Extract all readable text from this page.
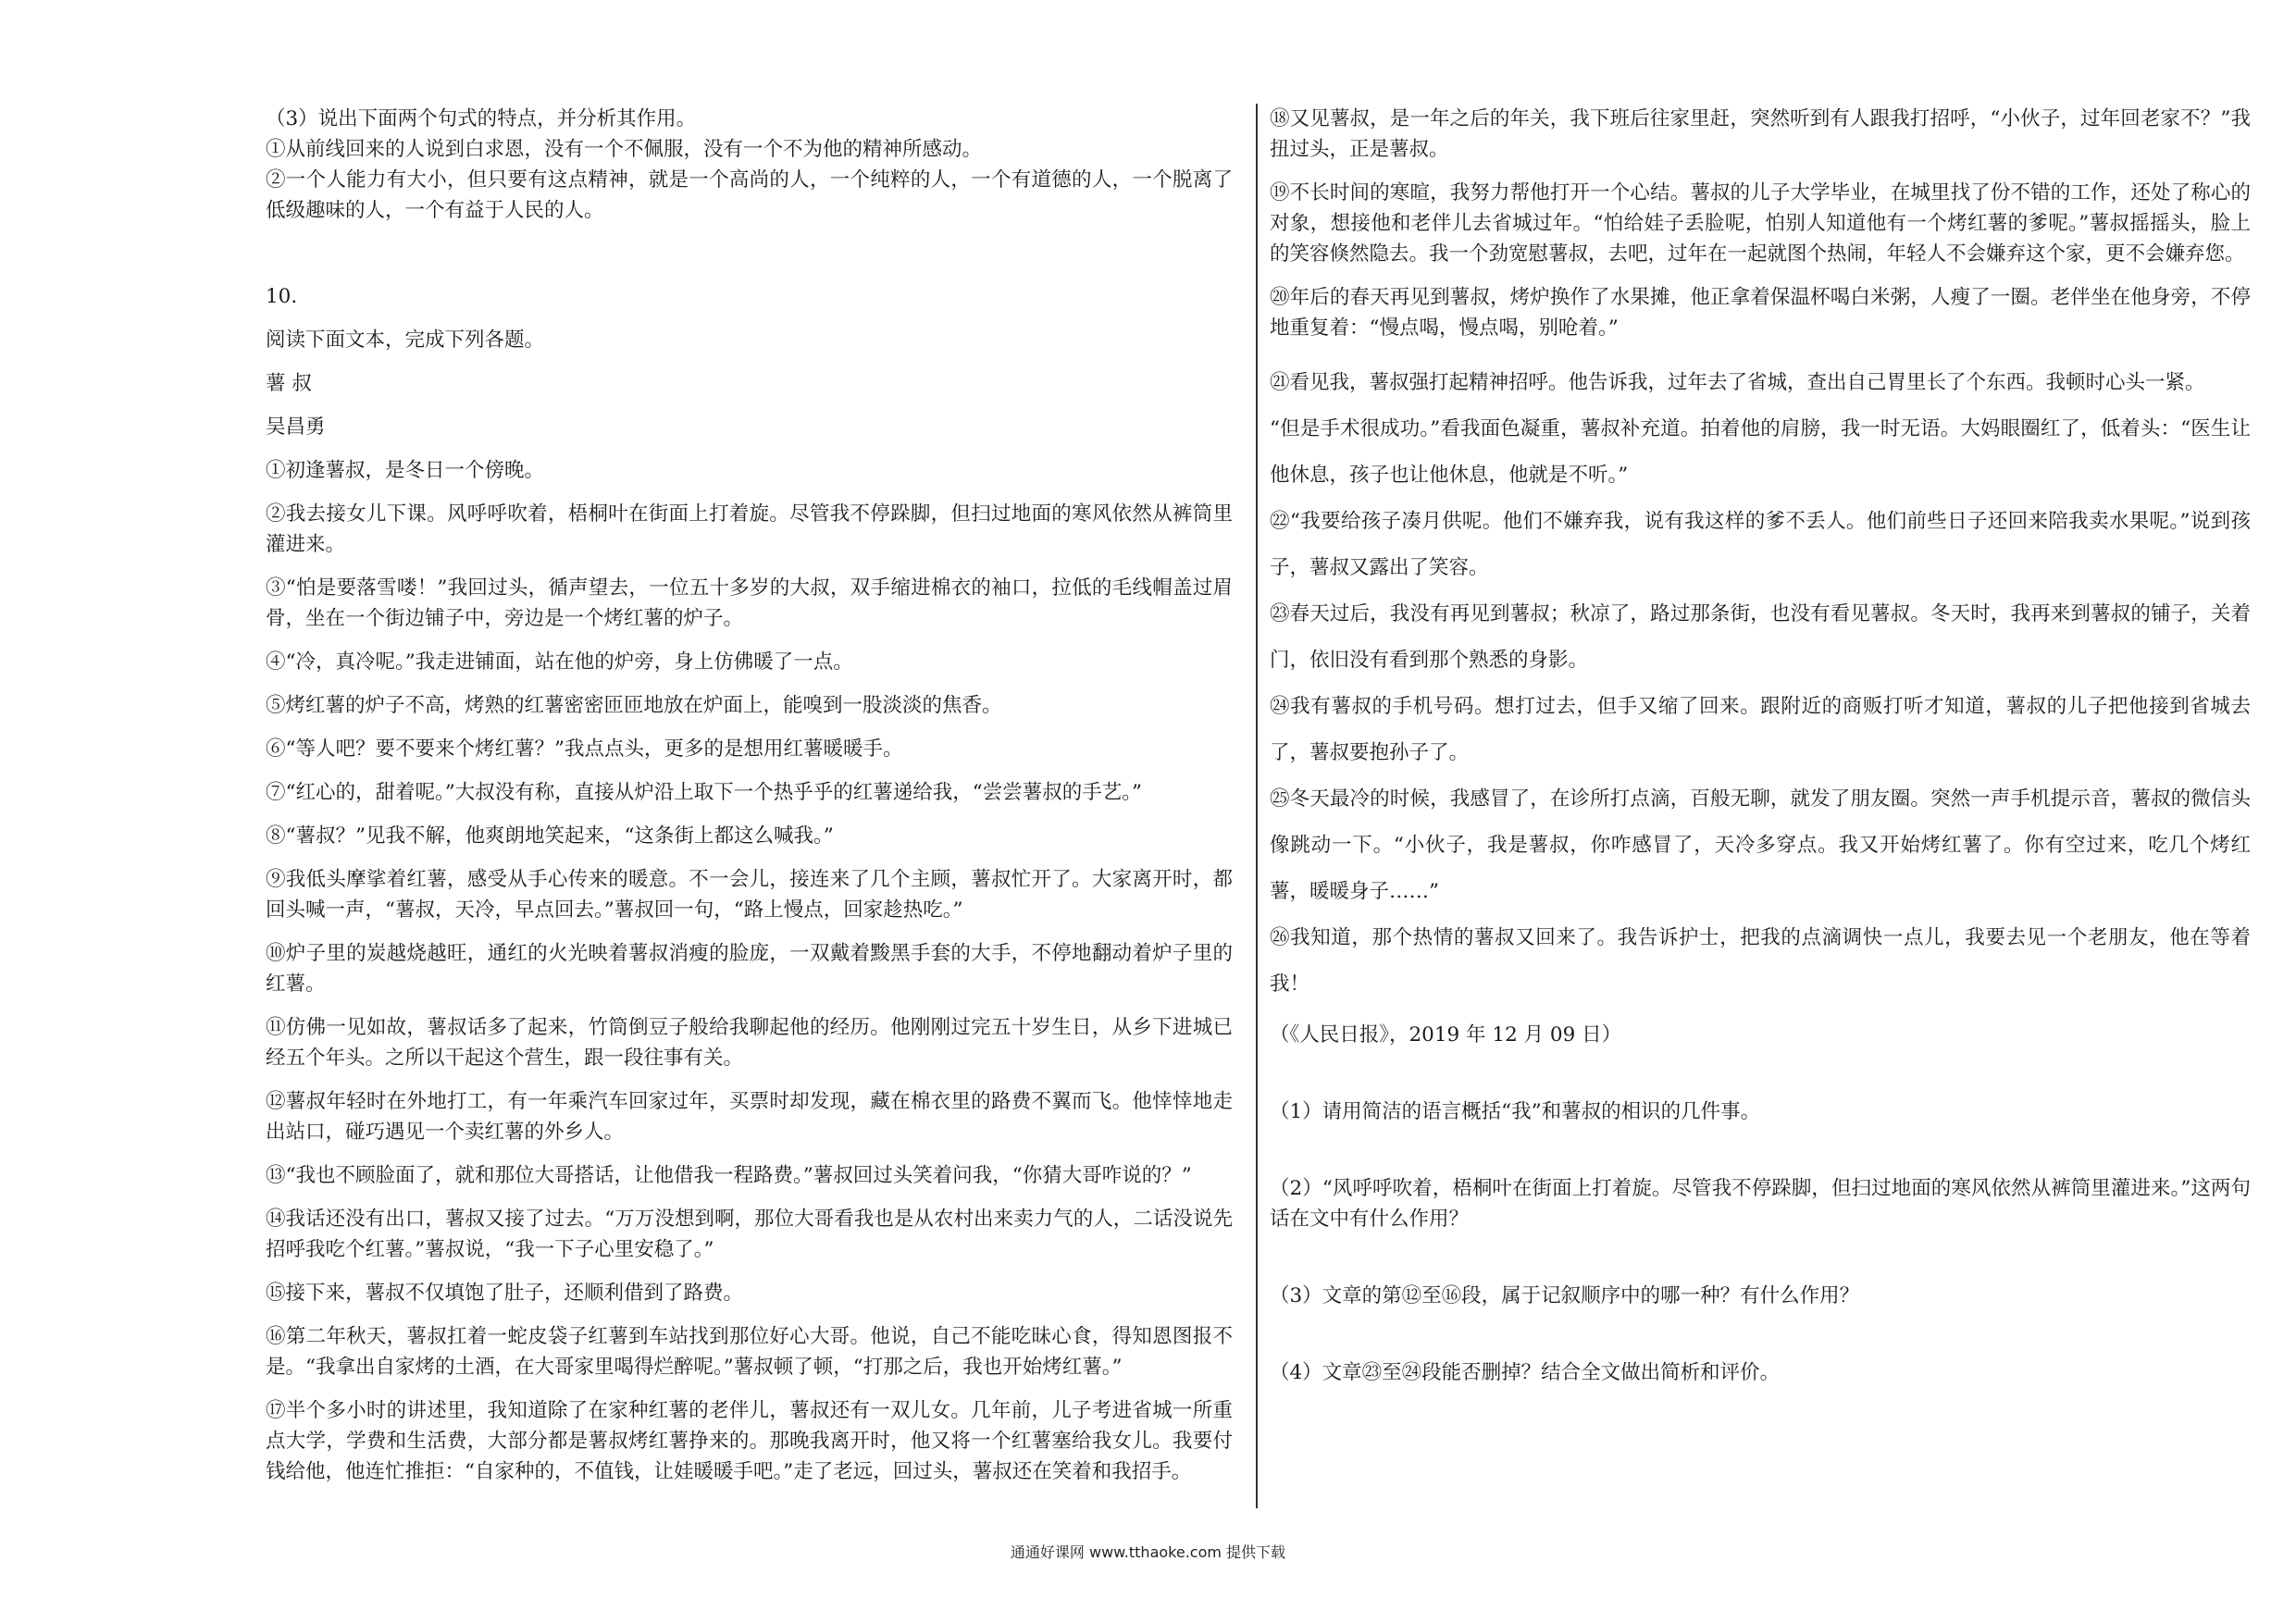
（3）说出下面两个句式的特点，并分析其作用。

①从前线回来的人说到白求恩，没有一个不佩服，没有一个不为他的精神所感动。

②一个人能力有大小，但只要有这点精神，就是一个高尚的人，一个纯粹的人，一个有道德的人，一个脱离了低级趣味的人，一个有益于人民的人。

10.

阅读下面文本，完成下列各题。

薯 叔

吴昌勇

①初逢薯叔，是冬日一个傍晚。

②我去接女儿下课。风呼呼吹着，梧桐叶在街面上打着旋。尽管我不停跺脚，但扫过地面的寒风依然从裤筒里灌进来。

③“怕是要落雪喽！”我回过头，循声望去，一位五十多岁的大叔，双手缩进棉衣的袖口，拉低的毛线帽盖过眉骨，坐在一个街边铺子中，旁边是一个烤红薯的炉子。

④“冷，真冷呢。”我走进铺面，站在他的炉旁，身上仿佛暖了一点。

⑤烤红薯的炉子不高，烤熟的红薯密密匝匝地放在炉面上，能嗅到一股淡淡的焦香。

⑥“等人吧？要不要来个烤红薯？”我点点头，更多的是想用红薯暖暖手。

⑦“红心的，甜着呢。”大叔没有称，直接从炉沿上取下一个热乎乎的红薯递给我，“尝尝薯叔的手艺。”

⑧“薯叔？”见我不解，他爽朗地笑起来，“这条街上都这么喊我。”

⑨我低头摩挲着红薯，感受从手心传来的暖意。不一会儿，接连来了几个主顾，薯叔忙开了。大家离开时，都回头喊一声，“薯叔，天冷，早点回去。”薯叔回一句，“路上慢点，回家趁热吃。”

⑩炉子里的炭越烧越旺，通红的火光映着薯叔消瘦的脸庞，一双戴着黢黑手套的大手，不停地翻动着炉子里的红薯。

⑪仿佛一见如故，薯叔话多了起来，竹筒倒豆子般给我聊起他的经历。他刚刚过完五十岁生日，从乡下进城已经五个年头。之所以干起这个营生，跟一段往事有关。

⑫薯叔年轻时在外地打工，有一年乘汽车回家过年，买票时却发现，藏在棉衣里的路费不翼而飞。他悻悻地走出站口，碰巧遇见一个卖红薯的外乡人。

⑬“我也不顾脸面了，就和那位大哥搭话，让他借我一程路费。”薯叔回过头笑着问我，“你猜大哥咋说的？”

⑭我话还没有出口，薯叔又接了过去。“万万没想到啊，那位大哥看我也是从农村出来卖力气的人，二话没说先招呼我吃个红薯。”薯叔说，“我一下子心里安稳了。”

⑮接下来，薯叔不仅填饱了肚子，还顺利借到了路费。

⑯第二年秋天，薯叔扛着一蛇皮袋子红薯到车站找到那位好心大哥。他说，自己不能吃昧心食，得知恩图报不是。“我拿出自家烤的土酒，在大哥家里喝得烂醉呢。”薯叔顿了顿，“打那之后，我也开始烤红薯。”

⑰半个多小时的讲述里，我知道除了在家种红薯的老伴儿，薯叔还有一双儿女。几年前，儿子考进省城一所重点大学，学费和生活费，大部分都是薯叔烤红薯挣来的。那晚我离开时，他又将一个红薯塞给我女儿。我要付钱给他，他连忙推拒：“自家种的，不值钱，让娃暖暖手吧。”走了老远，回过头，薯叔还在笑着和我招手。

⑱又见薯叔，是一年之后的年关，我下班后往家里赶，突然听到有人跟我打招呼，“小伙子，过年回老家不？”我扭过头，正是薯叔。

⑲不长时间的寒暄，我努力帮他打开一个心结。薯叔的儿子大学毕业，在城里找了份不错的工作，还处了称心的对象，想接他和老伴儿去省城过年。“怕给娃子丢脸呢，怕别人知道他有一个烤红薯的爹呢。”薯叔摇摇头，脸上的笑容倏然隐去。我一个劲宽慰薯叔，去吧，过年在一起就图个热闹，年轻人不会嫌弃这个家，更不会嫌弃您。

⑳年后的春天再见到薯叔，烤炉换作了水果摊，他正拿着保温杯喝白米粥，人瘦了一圈。老伴坐在他身旁，不停地重复着：“慢点喝，慢点喝，别呛着。”

㉑看见我，薯叔强打起精神招呼。他告诉我，过年去了省城，查出自己胃里长了个东西。我顿时心头一紧。

“但是手术很成功。”看我面色凝重，薯叔补充道。拍着他的肩膀，我一时无语。大妈眼圈红了，低着头：“医生让他休息，孩子也让他休息，他就是不听。”

㉒“我要给孩子凑月供呢。他们不嫌弃我，说有我这样的爹不丢人。他们前些日子还回来陪我卖水果呢。”说到孩子，薯叔又露出了笑容。

㉓春天过后，我没有再见到薯叔；秋凉了，路过那条街，也没有看见薯叔。冬天时，我再来到薯叔的铺子，关着门，依旧没有看到那个熟悉的身影。

㉔我有薯叔的手机号码。想打过去，但手又缩了回来。跟附近的商贩打听才知道，薯叔的儿子把他接到省城去了，薯叔要抱孙子了。

㉕冬天最冷的时候，我感冒了，在诊所打点滴，百般无聊，就发了朋友圈。突然一声手机提示音，薯叔的微信头像跳动一下。“小伙子，我是薯叔，你咋感冒了，天冷多穿点。我又开始烤红薯了。你有空过来，吃几个烤红薯，暖暖身子……”

㉖我知道，那个热情的薯叔又回来了。我告诉护士，把我的点滴调快一点儿，我要去见一个老朋友，他在等着我！

（《人民日报》，2019 年 12 月 09 日）

（1）请用简洁的语言概括“我”和薯叔的相识的几件事。

（2）“风呼呼吹着，梧桐叶在街面上打着旋。尽管我不停跺脚，但扫过地面的寒风依然从裤筒里灌进来。”这两句话在文中有什么作用？

（3）文章的第⑫至⑯段，属于记叙顺序中的哪一种？有什么作用？

（4）文章㉓至㉔段能否删掉？结合全文做出简析和评价。

通通好课网 www.tthaoke.com 提供下载
